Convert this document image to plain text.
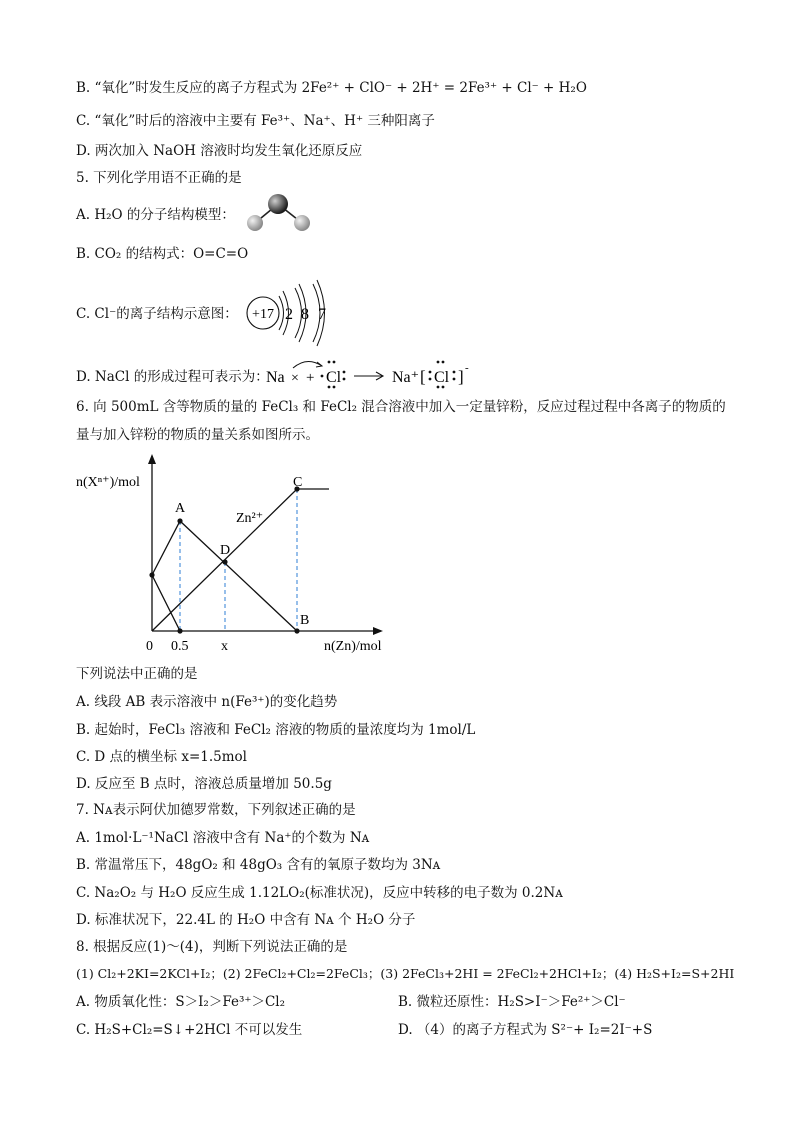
B. “氧化”时发生反应的离子方程式为 2Fe²⁺ + ClO⁻ + 2H⁺ = 2Fe³⁺ + Cl⁻ + H₂O
C. “氧化”时后的溶液中主要有 Fe³⁺、Na⁺、H⁺ 三种阳离子
D. 两次加入 NaOH 溶液时均发生氧化还原反应
5. 下列化学用语不正确的是
A. H₂O 的分子结构模型：
B. CO₂ 的结构式：O=C=O
C. Cl⁻的离子结构示意图： +17 2 8 7
D. NaCl 的形成过程可表示为：
Na × + Cl	Na⁺ [ Cl ] -
6. 向 500mL 含等物质的量的 FeCl₃ 和 FeCl₂ 混合溶液中加入一定量锌粉，反应过程过程中各离子的物质的
量与加入锌粉的物质的量关系如图所示。
n(Xⁿ⁺)/mol
n(Zn)/mol
0 0.5 x
A
B
C
D
Zn²⁺
下列说法中正确的是
A. 线段 AB 表示溶液中 n(Fe³⁺)的变化趋势
B. 起始时，FeCl₃ 溶液和 FeCl₂ 溶液的物质的量浓度均为 1mol/L
C. D 点的横坐标 x=1.5mol
D. 反应至 B 点时，溶液总质量增加 50.5g
7. Nᴀ表示阿伏加德罗常数，下列叙述正确的是
A. 1mol·L⁻¹NaCl 溶液中含有 Na⁺的个数为 Nᴀ
B. 常温常压下，48gO₂ 和 48gO₃ 含有的氧原子数均为 3Nᴀ
C. Na₂O₂ 与 H₂O 反应生成 1.12LO₂(标准状况)，反应中转移的电子数为 0.2Nᴀ
D. 标准状况下，22.4L 的 H₂O 中含有 Nᴀ 个 H₂O 分子
8. 根据反应(1)～(4)，判断下列说法正确的是
(1) Cl₂+2KI=2KCl+I₂；(2) 2FeCl₂+Cl₂=2FeCl₃；(3) 2FeCl₃+2HI = 2FeCl₂+2HCl+I₂；(4) H₂S+I₂=S+2HI
A. 物质氧化性：S＞I₂＞Fe³⁺＞Cl₂	B. 微粒还原性：H₂S>I⁻＞Fe²⁺＞Cl⁻
C. H₂S+Cl₂=S↓+2HCl 不可以发生	D. （4）的离子方程式为 S²⁻+ I₂=2I⁻+S
